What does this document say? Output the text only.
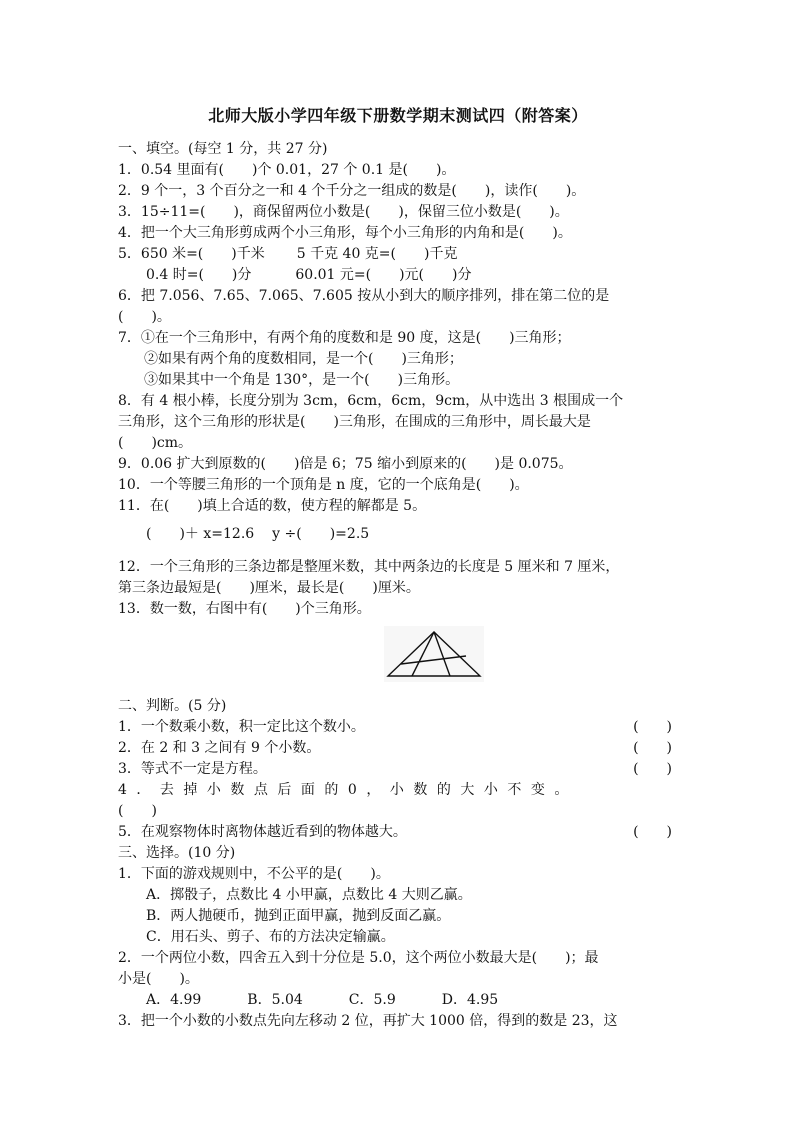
北师大版小学四年级下册数学期末测试四（附答案）
一、填空。(每空 1 分，共 27 分)
1．0.54 里面有(　　)个 0.01，27 个 0.1 是(　　)。
2．9 个一，3 个百分之一和 4 个千分之一组成的数是(　　)，读作(　　)。
3．15÷11=(　　)，商保留两位小数是(　　)，保留三位小数是(　　)。
4．把一个大三角形剪成两个小三角形，每个小三角形的内角和是(　　)。
5．650 米=(　　)千米 5 千克 40 克=(　　)千克
0.4 时=(　　)分	60.01 元=(　　)元(　　)分
6．把 7.056、7.65、7.065、7.605 按从小到大的顺序排列，排在第二位的是
(　　)。
7．①在一个三角形中，有两个角的度数和是 90 度，这是(　　)三角形；
②如果有两个角的度数相同，是一个(　　)三角形；
③如果其中一个角是 130°，是一个(　　)三角形。
8．有 4 根小棒，长度分别为 3cm，6cm，6cm，9cm，从中选出 3 根围成一个
三角形，这个三角形的形状是(　　)三角形，在围成的三角形中，周长最大是
(　　)cm。
9．0.06 扩大到原数的(　　)倍是 6；75 缩小到原来的(　　)是 0.075。
10．一个等腰三角形的一个顶角是 n 度，它的一个底角是(　　)。
11．在(　　)填上合适的数，使方程的解都是 5。
(　　)＋ x=12.6 y ÷(　　)=2.5
12．一个三角形的三条边都是整厘米数，其中两条边的长度是 5 厘米和 7 厘米，
第三条边最短是(　　)厘米，最长是(　　)厘米。
13．数一数，右图中有(　　)个三角形。
二、判断。(5 分)
1．一个数乘小数，积一定比这个数小。	(　　)
2．在 2 和 3 之间有 9 个小数。	(　　)
3．等式不一定是方程。	(　　)
4．去掉小数点后面的0，小数的大小不变。
(　　)
5．在观察物体时离物体越近看到的物体越大。	(　　)
三、选择。(10 分)
1．下面的游戏规则中，不公平的是(　　)。
A．掷骰子，点数比 4 小甲赢，点数比 4 大则乙赢。
B．两人抛硬币，抛到正面甲赢，抛到反面乙赢。
C．用石头、剪子、布的方法决定输赢。
2．一个两位小数，四舍五入到十分位是 5.0，这个两位小数最大是(　　)；最
小是(　　)。
A．4.99	B．5.04	C．5.9	D．4.95
3．把一个小数的小数点先向左移动 2 位，再扩大 1000 倍，得到的数是 23，这
